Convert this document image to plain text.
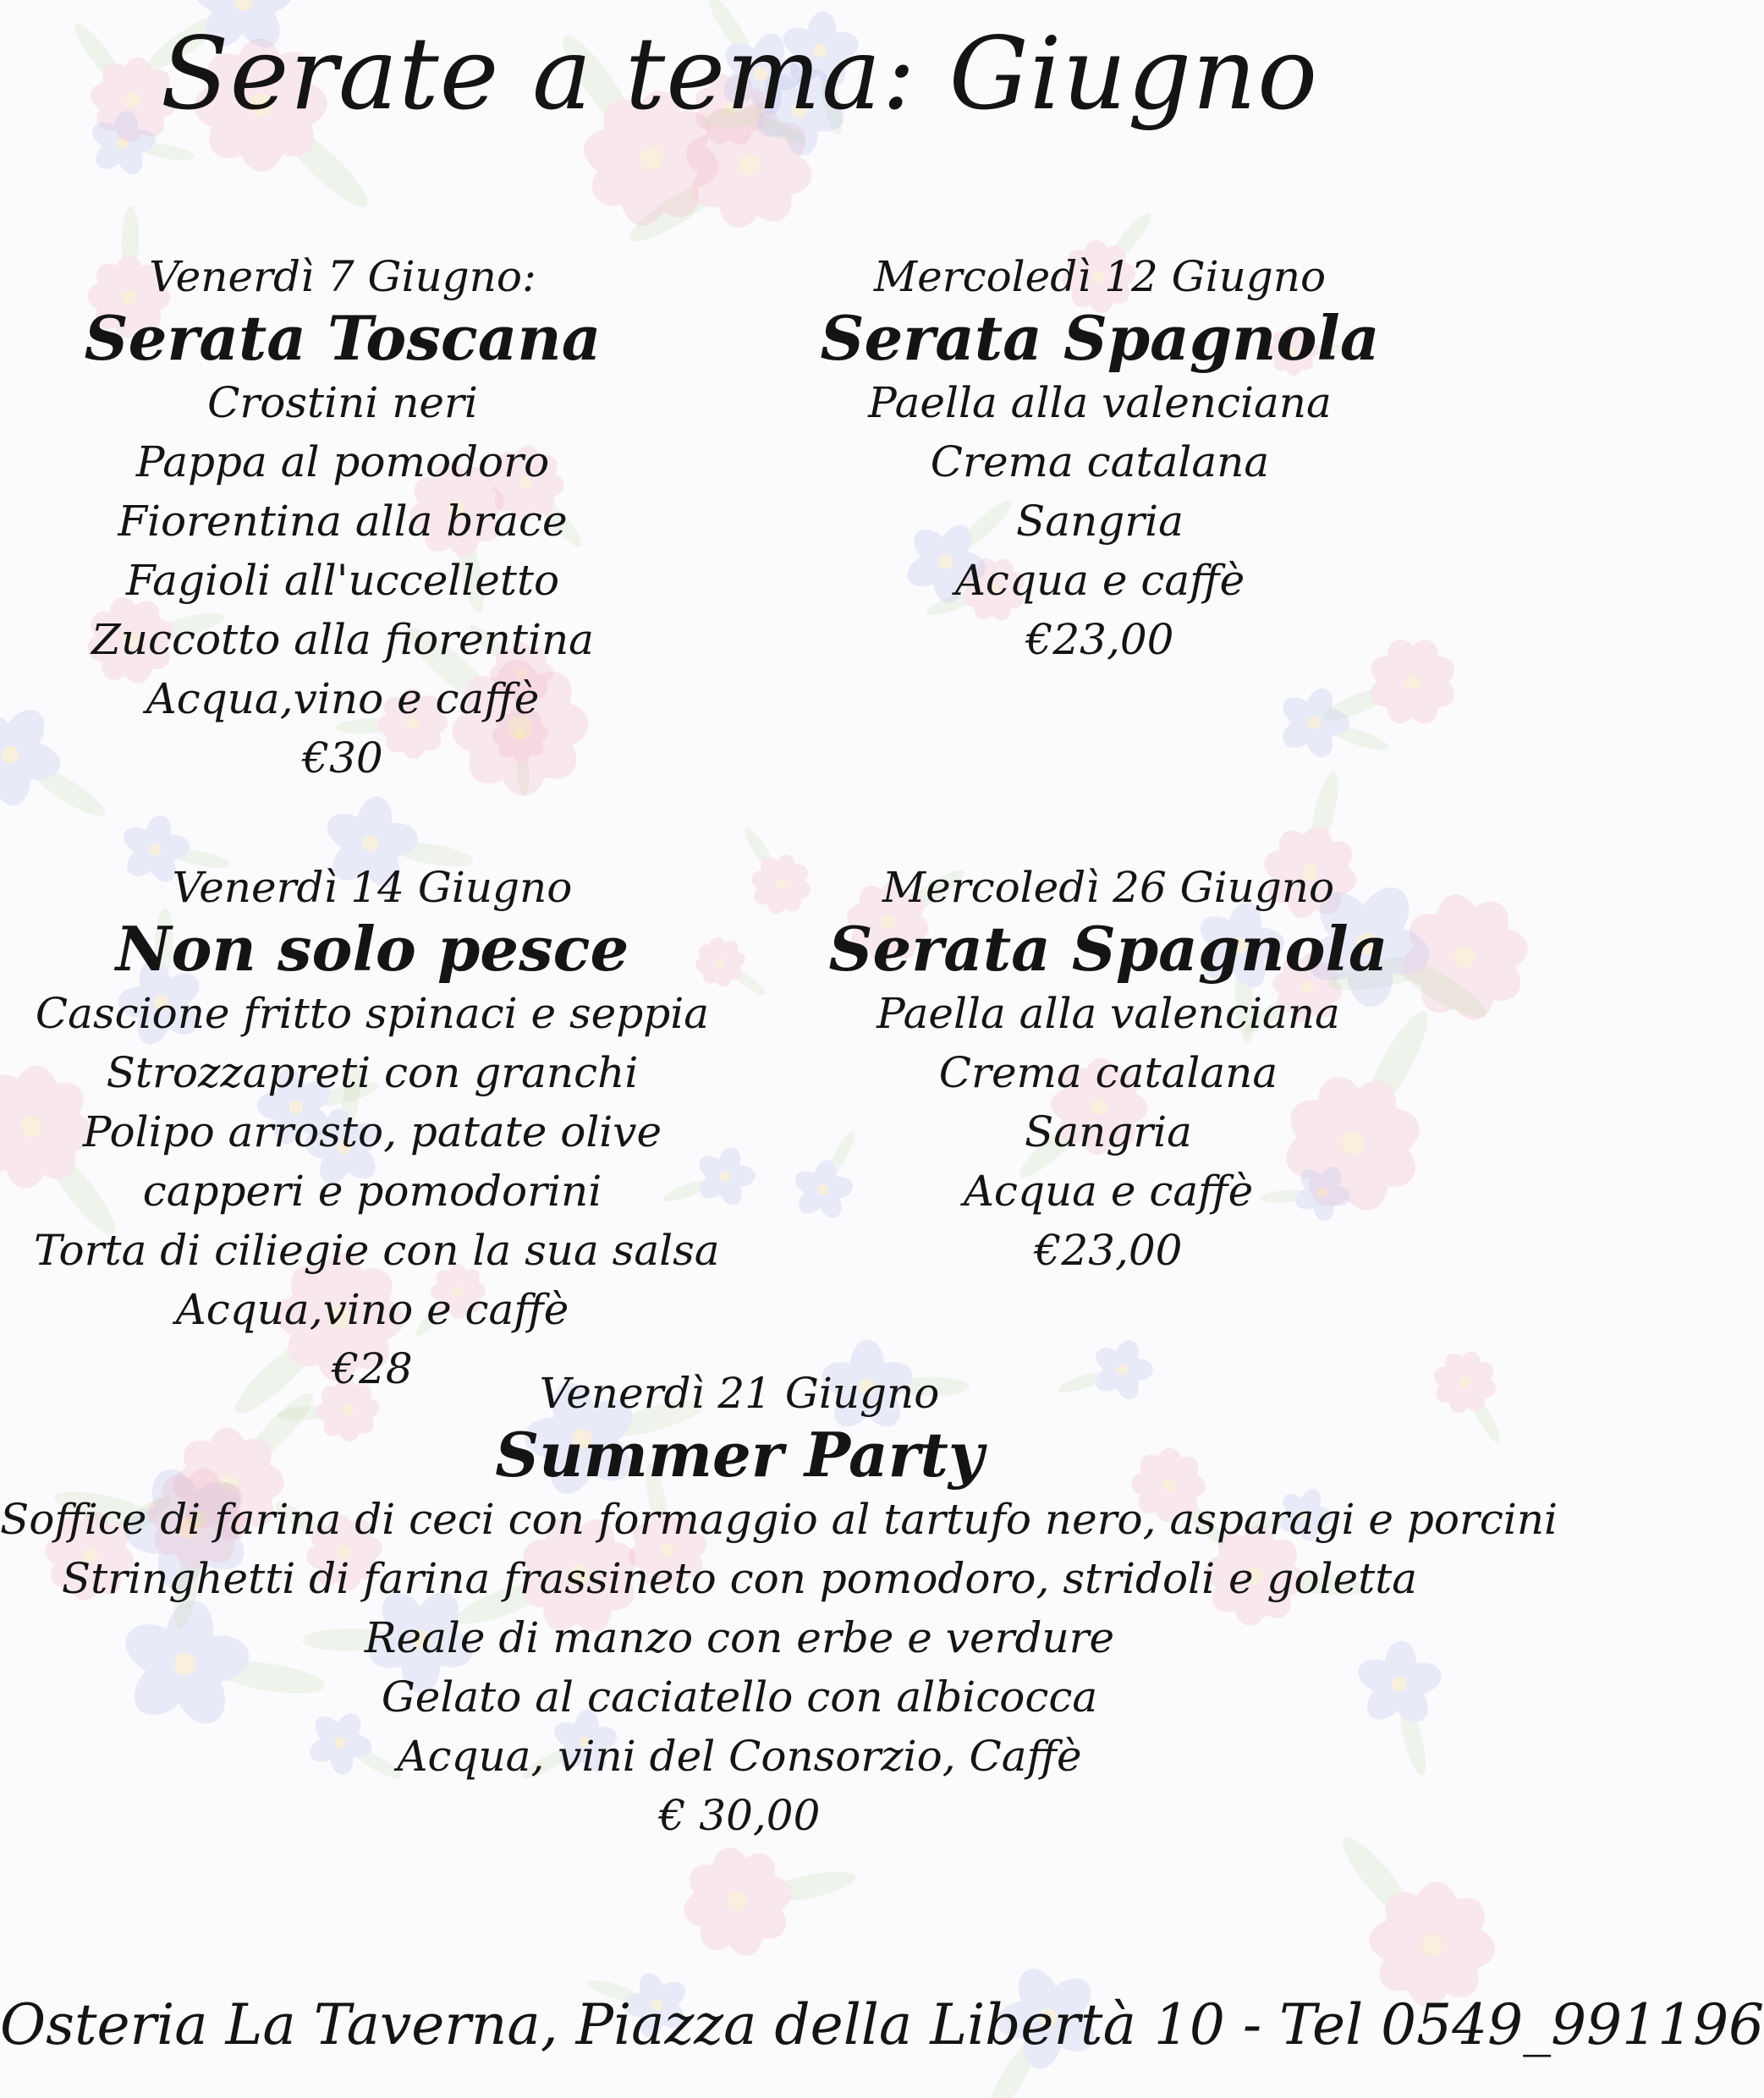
Serate a tema: Giugno
Venerdì 7 Giugno:
Serata Toscana
Crostini neri
Pappa al pomodoro
Fiorentina alla brace
Fagioli all'uccelletto
Zuccotto alla fiorentina
Acqua,vino e caffè
€30
Mercoledì 12 Giugno
Serata Spagnola
Paella alla valenciana
Crema catalana
Sangria
Acqua e caffè
€23,00
Venerdì 14 Giugno
Non solo pesce
Cascione fritto spinaci e seppia
Strozzapreti con granchi
Polipo arrosto, patate olive
capperi e pomodorini
Torta di ciliegie con la sua salsa
Acqua,vino e caffè
€28
Mercoledì 26 Giugno
Serata Spagnola
Paella alla valenciana
Crema catalana
Sangria
Acqua e caffè
€23,00
Venerdì 21 Giugno
Summer Party
Soffice di farina di ceci con formaggio al tartufo nero, asparagi e porcini
Stringhetti di farina frassineto con pomodoro, stridoli e goletta
Reale di manzo con erbe e verdure
Gelato al caciatello con albicocca
Acqua, vini del Consorzio, Caffè
€ 30,00
Osteria La Taverna, Piazza della Libertà 10 - Tel 0549_991196
